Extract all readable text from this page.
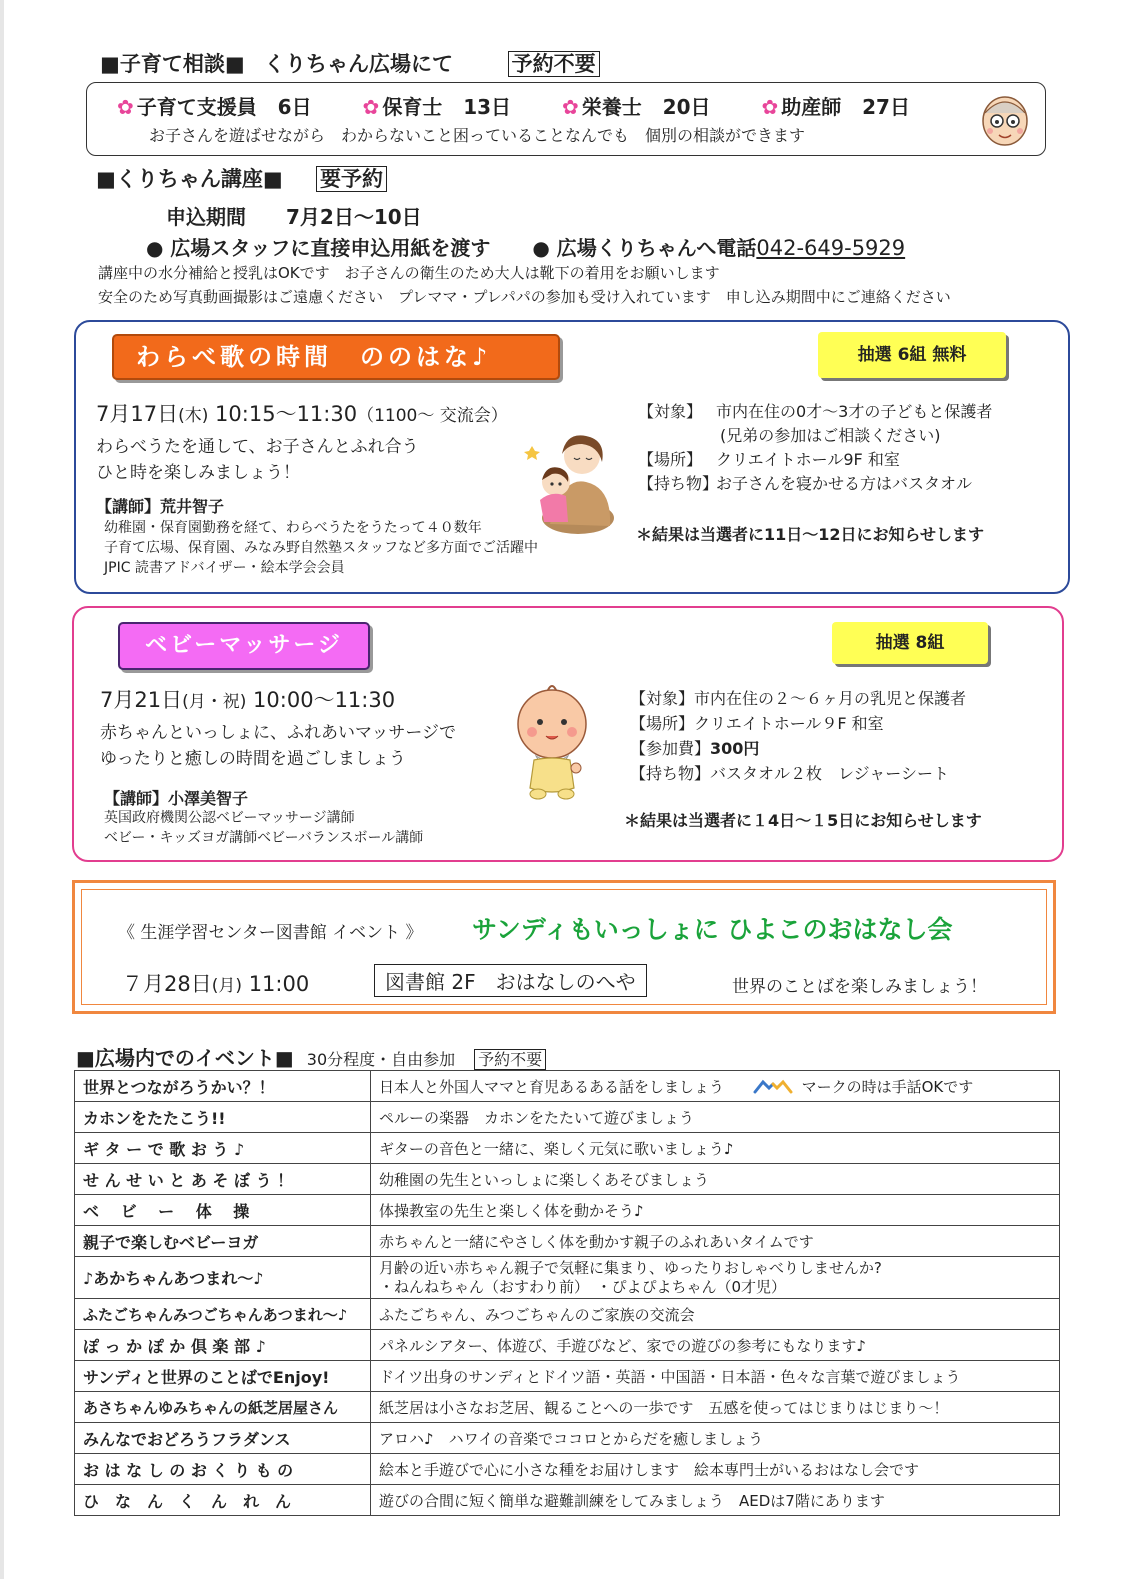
■子育て相談■ くりちゃん広場にて	予約不要
✿ 子育て支援員 6日	✿ 保育士 13日	✿ 栄養士 20日	✿ 助産師 27日
お子さんを遊ばせながら　わからないこと困っていることなんでも　個別の相談ができます
■くりちゃん講座■ 要予約
申込期間 7月2日～10日
● 広場スタッフに直接申込用紙を渡す ● 広場くりちゃんへ電話042-649-5929
講座中の水分補給と授乳はOKです　お子さんの衛生のため大人は靴下の着用をお願いします
安全のため写真動画撮影はご遠慮ください　プレママ・プレパパの参加も受け入れています　申し込み期間中にご連絡ください
わらべ歌の時間　ののはな♪	抽選 6組 無料
7月17日(木) 10:15～11:30（1100～ 交流会）
わらべうたを通して、お子さんとふれ合う
ひと時を楽しみましょう！
【講師】荒井智子
幼稚園・保育園勤務を経て、わらべうたをうたって４０数年
子育て広場、保育園、みなみ野自然塾スタッフなど多方面でご活躍中
JPIC 読書アドバイザー・絵本学会会員
【対象】 市内在住の0才～3才の子どもと保護者
(兄弟の参加はご相談ください)
【場所】 クリエイトホール9F 和室
【持ち物】お子さんを寝かせる方はバスタオル
＊結果は当選者に11日～12日にお知らせします
ベビーマッサージ	抽選 8組
7月21日(月・祝) 10:00～11:30
赤ちゃんといっしょに、ふれあいマッサージで
ゆったりと癒しの時間を過ごしましょう
【講師】小澤美智子
英国政府機関公認ベビーマッサージ講師
ベビー・キッズヨガ講師ベビーバランスボール講師
【対象】市内在住の２～６ヶ月の乳児と保護者
【場所】クリエイトホール９F 和室
【参加費】300円
【持ち物】バスタオル２枚　レジャーシート
＊結果は当選者に１4日～１5日にお知らせします
《 生涯学習センター図書館 イベント 》 サンディもいっしょに ひよこのおはなし会
７月28日(月) 11:00	図書館 2F　おはなしのへや	世界のことばを楽しみましょう！
■広場内でのイベント■ 30分程度・自由参加 予約不要
世界とつながろうかい？！	日本人と外国人ママと育児あるある話をしましょう マークの時は手話OKです
カホンをたたこう!!	ペルーの楽器　カホンをたたいて遊びましょう
ギ タ ー で 歌 お う ♪	ギターの音色と一緒に、楽しく元気に歌いましょう♪
せ ん せ い と あ そ ぼ う ！	幼稚園の先生といっしょに楽しくあそびましょう
ベ　 ビ　 ー　 体　 操	体操教室の先生と楽しく体を動かそう♪
親子で楽しむベビーヨガ	赤ちゃんと一緒にやさしく体を動かす親子のふれあいタイムです
♪あかちゃんあつまれ～♪	月齢の近い赤ちゃん親子で気軽に集まり、ゆったりおしゃべりしませんか?
・ねんねちゃん（おすわり前）　・ぴよぴよちゃん（0才児）

ふたごちゃんみつごちゃんあつまれ～♪	ふたごちゃん、みつごちゃんのご家族の交流会
ぽ っ か ぽ か 倶 楽 部 ♪	パネルシアター、体遊び、手遊びなど、家での遊びの参考にもなります♪
サンディと世界のことばでEnjoy!	ドイツ出身のサンディとドイツ語・英語・中国語・日本語・色々な言葉で遊びましょう
あさちゃんゆみちゃんの紙芝居屋さん	紙芝居は小さなお芝居、観ることへの一歩です　五感を使ってはじまりはじまり～！
みんなでおどろうフラダンス	アロハ♪　ハワイの音楽でココロとからだを癒しましょう
お は な し の お く り も の	絵本と手遊びで心に小さな種をお届けします　絵本専門士がいるおはなし会です
ひ　な　ん　く　ん　れ　ん	遊びの合間に短く簡単な避難訓練をしてみましょう　AEDは7階にあります
